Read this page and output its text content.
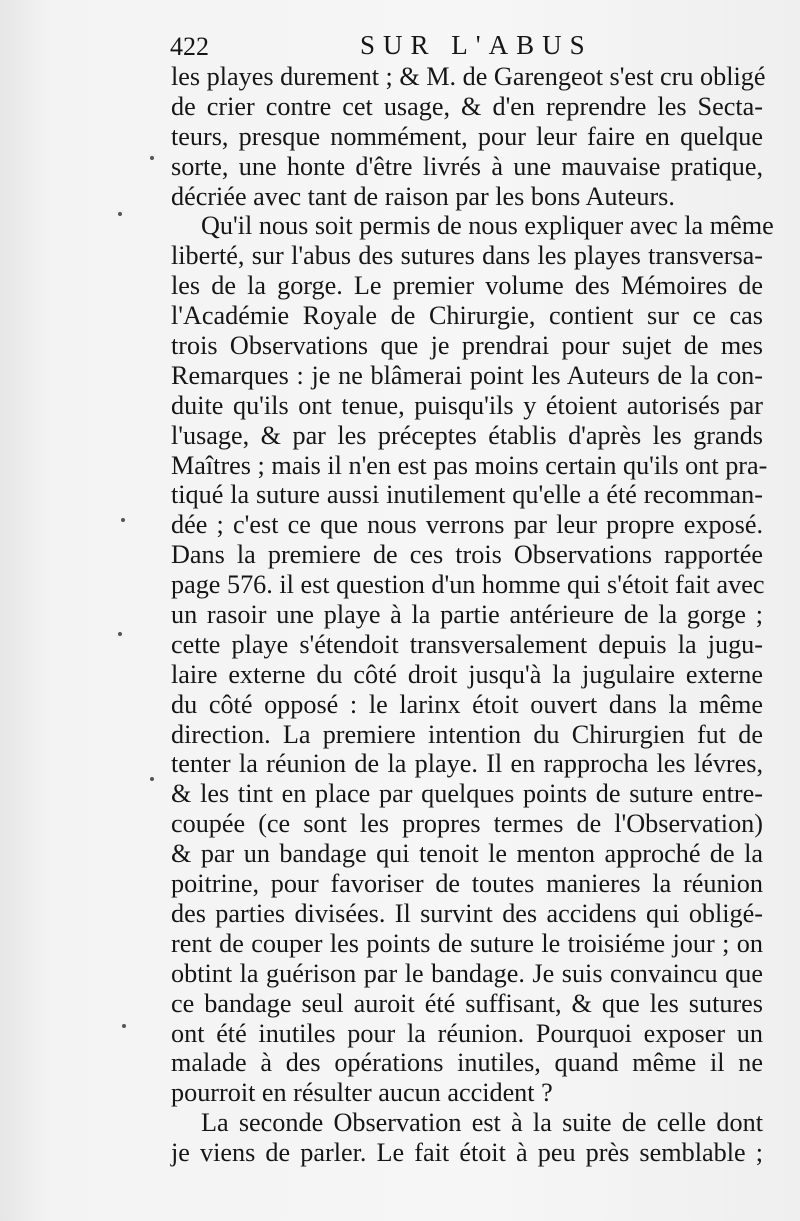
422	SUR L'ABUS
les playes durement ; & M. de Garengeot s'est cru obligé
de crier contre cet usage, & d'en reprendre les Secta-
teurs, presque nommément, pour leur faire en quelque
sorte, une honte d'être livrés à une mauvaise pratique,
décriée avec tant de raison par les bons Auteurs.
Qu'il nous soit permis de nous expliquer avec la même
liberté, sur l'abus des sutures dans les playes transversa-
les de la gorge. Le premier volume des Mémoires de
l'Académie Royale de Chirurgie, contient sur ce cas
trois Observations que je prendrai pour sujet de mes
Remarques : je ne blâmerai point les Auteurs de la con-
duite qu'ils ont tenue, puisqu'ils y étoient autorisés par
l'usage, & par les préceptes établis d'après les grands
Maîtres ; mais il n'en est pas moins certain qu'ils ont pra-
tiqué la suture aussi inutilement qu'elle a été recomman-
dée ; c'est ce que nous verrons par leur propre exposé.
Dans la premiere de ces trois Observations rapportée
page 576. il est question d'un homme qui s'étoit fait avec
un rasoir une playe à la partie antérieure de la gorge ;
cette playe s'étendoit transversalement depuis la jugu-
laire externe du côté droit jusqu'à la jugulaire externe
du côté opposé : le larinx étoit ouvert dans la même
direction. La premiere intention du Chirurgien fut de
tenter la réunion de la playe. Il en rapprocha les lévres,
& les tint en place par quelques points de suture entre-
coupée (ce sont les propres termes de l'Observation)
& par un bandage qui tenoit le menton approché de la
poitrine, pour favoriser de toutes manieres la réunion
des parties divisées. Il survint des accidens qui obligé-
rent de couper les points de suture le troisiéme jour ; on
obtint la guérison par le bandage. Je suis convaincu que
ce bandage seul auroit été suffisant, & que les sutures
ont été inutiles pour la réunion. Pourquoi exposer un
malade à des opérations inutiles, quand même il ne
pourroit en résulter aucun accident ?
La seconde Observation est à la suite de celle dont
je viens de parler. Le fait étoit à peu près semblable ;
